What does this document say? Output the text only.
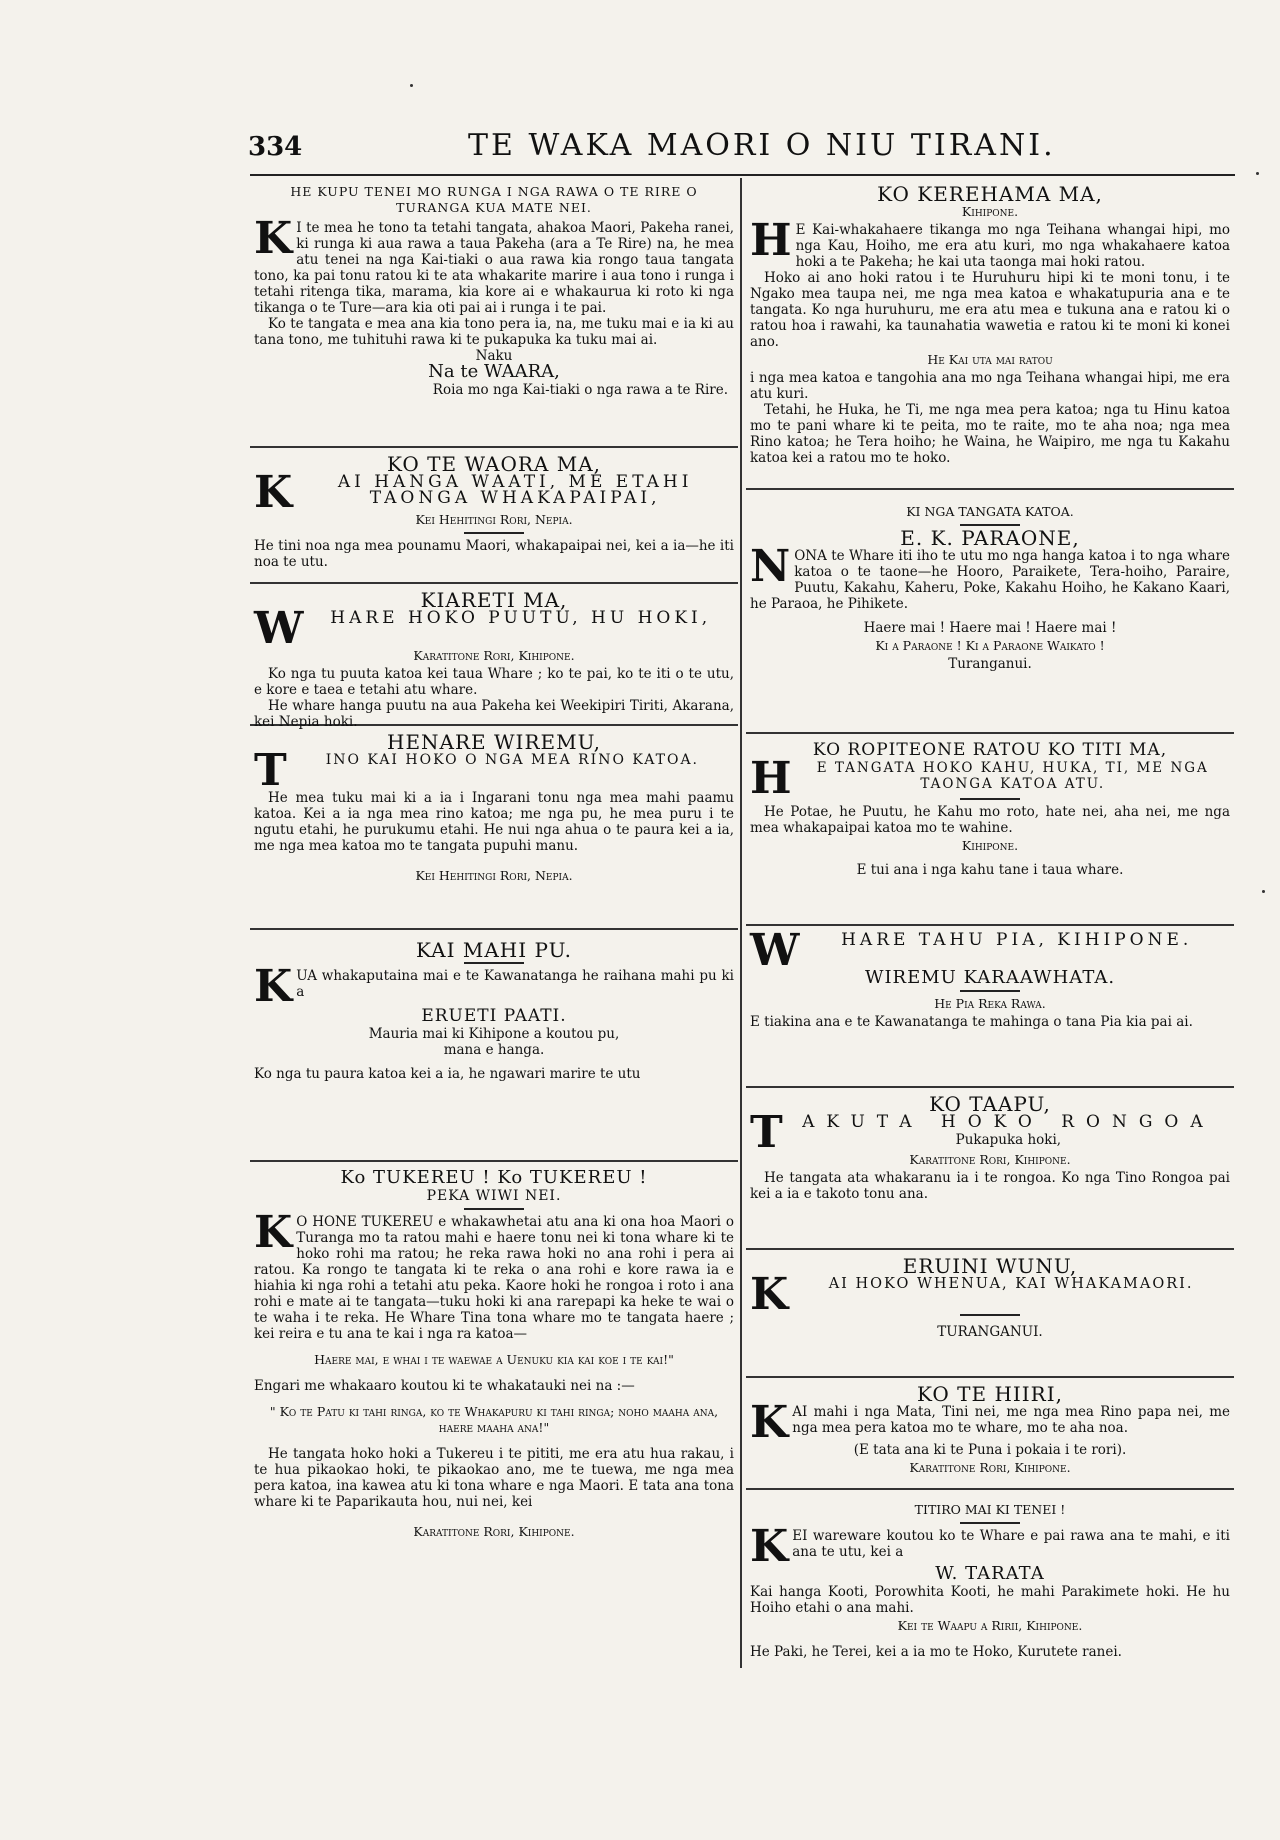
334	TE WAKA MAORI O NIU TIRANI.
HE KUPU TENEI MO RUNGA I NGA RAWA O TE RIRE O TURANGA KUA MATE NEI.

K I te mea he tono ta tetahi tangata, ahakoa Maori, Pakeha ranei, ki runga ki aua rawa a taua Pakeha (ara a Te Rire) na, he mea atu tenei na nga Kai-tiaki o aua rawa kia rongo taua tangata tono, ka pai tonu ratou ki te ata whakarite marire i aua tono i runga i tetahi ritenga tika, marama, kia kore ai e whakaurua ki roto ki nga tikanga o te Ture—ara kia oti pai ai i runga i te pai.

Ko te tangata e mea ana kia tono pera ia, na, me tuku mai e ia ki au tana tono, me tuhituhi rawa ki te pukapuka ka tuku mai ai.

Naku
Na te WAARA,
Roia mo nga Kai-tiaki o nga rawa a te Rire.
KO TE WAORA MA,
K	AI HANGA WAATI, ME ETAHI TAONGA WHAKAPAIPAI,
Kei Hehitingi Rori, Nepia.

He tini noa nga mea pounamu Maori, whakapaipai nei, kei a ia—he iti noa te utu.

KIARETI MA,
W	HARE HOKO PUUTU, HU HOKI,
Karatitone Rori, Kihipone.

Ko nga tu puuta katoa kei taua Whare ; ko te pai, ko te iti o te utu, e kore e taea e tetahi atu whare.

He whare hanga puutu na aua Pakeha kei Weekipiri Tiriti, Akarana, kei Nepia hoki.

HENARE WIREMU,
T	INO KAI HOKO O NGA MEA RINO KATOA.

He mea tuku mai ki a ia i Ingarani tonu nga mea mahi paamu katoa. Kei a ia nga mea rino katoa; me nga pu, he mea puru i te ngutu etahi, he purukumu etahi. He nui nga ahua o te paura kei a ia, me nga mea katoa mo te tangata pupuhi manu.

Kei Hehitingi Rori, Nepia.
KAI MAHI PU.

KUA whakaputaina mai e te Kawanatanga he raihana mahi pu ki a

ERUETI PAATI.
Mauria mai ki Kihipone a koutou pu,
mana e hanga.

Ko nga tu paura katoa kei a ia, he ngawari marire te utu

Ko TUKEREU ! Ko TUKEREU !
PEKA WIWI NEI.

K O HONE TUKEREU e whakawhetai atu ana ki ona hoa Maori o Turanga mo ta ratou mahi e haere tonu nei ki tona whare ki te hoko rohi ma ratou; he reka rawa hoki no ana rohi i pera ai ratou. Ka rongo te tangata ki te reka o ana rohi e kore rawa ia e hiahia ki nga rohi a tetahi atu peka. Kaore hoki he rongoa i roto i ana rohi e mate ai te tangata—tuku hoki ki ana rarepapi ka heke te wai o te waha i te reka. He Whare Tina tona whare mo te tangata haere ; kei reira e tu ana te kai i nga ra katoa—

Haere mai, e whai i te waewae a Uenuku kia kai koe i te kai!"

Engari me whakaaro koutou ki te whakatauki nei na :—

" Ko te Patu ki tahi ringa, ko te Whakapuru ki tahi ringa; noho maaha ana, haere maaha ana!"

He tangata hoko hoki a Tukereu i te pititi, me era atu hua rakau, i te hua pikaokao hoki, te pikaokao ano, me te tuewa, me nga mea pera katoa, ina kawea atu ki tona whare e nga Maori. E tata ana tona whare ki te Paparikauta hou, nui nei, kei

Karatitone Rori, Kihipone.
KO KEREHAMA MA,
Kihipone.

H E Kai-whakahaere tikanga mo nga Teihana whangai hipi, mo nga Kau, Hoiho, me era atu kuri, mo nga whakahaere katoa hoki a te Pakeha; he kai uta taonga mai hoki ratou.

Hoko ai ano hoki ratou i te Huruhuru hipi ki te moni tonu, i te Ngako mea taupa nei, me nga mea katoa e whakatupuria ana e te tangata. Ko nga huruhuru, me era atu mea e tukuna ana e ratou ki o ratou hoa i rawahi, ka taunahatia wawetia e ratou ki te moni ki konei ano.

He Kai uta mai ratou

i nga mea katoa e tangohia ana mo nga Teihana whangai hipi, me era atu kuri.

Tetahi, he Huka, he Ti, me nga mea pera katoa; nga tu Hinu katoa mo te pani whare ki te peita, mo te raite, mo te aha noa; nga mea Rino katoa; he Tera hoiho; he Waina, he Waipiro, me nga tu Kakahu katoa kei a ratou mo te hoko.

KI NGA TANGATA KATOA.
E. K. PARAONE,

NONA te Whare iti iho te utu mo nga hanga katoa i to nga whare katoa o te taone—he Hooro, Paraikete, Tera-hoiho, Paraire, Puutu, Kakahu, Kaheru, Poke, Kakahu Hoiho, he Kakano Kaari, he Paraoa, he Pihikete.

Haere mai ! Haere mai ! Haere mai !
Ki a Paraone ! Ki a Paraone Waikato !
Turanganui.
KO ROPITEONE RATOU KO TITI MA,
H	E TANGATA HOKO KAHU, HUKA, TI, ME NGA TAONGA KATOA ATU.

He Potae, he Puutu, he Kahu mo roto, hate nei, aha nei, me nga mea whakapaipai katoa mo te wahine.

Kihipone.
E tui ana i nga kahu tane i taua whare.
W	HARE TAHU PIA, KIHIPONE.
WIREMU KARAAWHATA.
He Pia Reka Rawa.

E tiakina ana e te Kawanatanga te mahinga o tana Pia kia pai ai.

KO TAAPU,
T	AKUTA HOKO RONGOA
Pukapuka hoki,
Karatitone Rori, Kihipone.

He tangata ata whakaranu ia i te rongoa. Ko nga Tino Rongoa pai kei a ia e takoto tonu ana.

ERUINI WUNU,
K	AI HOKO WHENUA, KAI WHAKAMAORI.
TURANGANUI.
KO TE HIIRI,

KAI mahi i nga Mata, Tini nei, me nga mea Rino papa nei, me nga mea pera katoa mo te whare, mo te aha noa.

(E tata ana ki te Puna i pokaia i te rori).
Karatitone Rori, Kihipone.
TITIRO MAI KI TENEI !

KEI wareware koutou ko te Whare e pai rawa ana te mahi, e iti ana te utu, kei a

W. TARATA

Kai hanga Kooti, Porowhita Kooti, he mahi Parakimete hoki. He hu Hoiho etahi o ana mahi.

Kei te Waapu a Ririi, Kihipone.

He Paki, he Terei, kei a ia mo te Hoko, Kurutete ranei.
